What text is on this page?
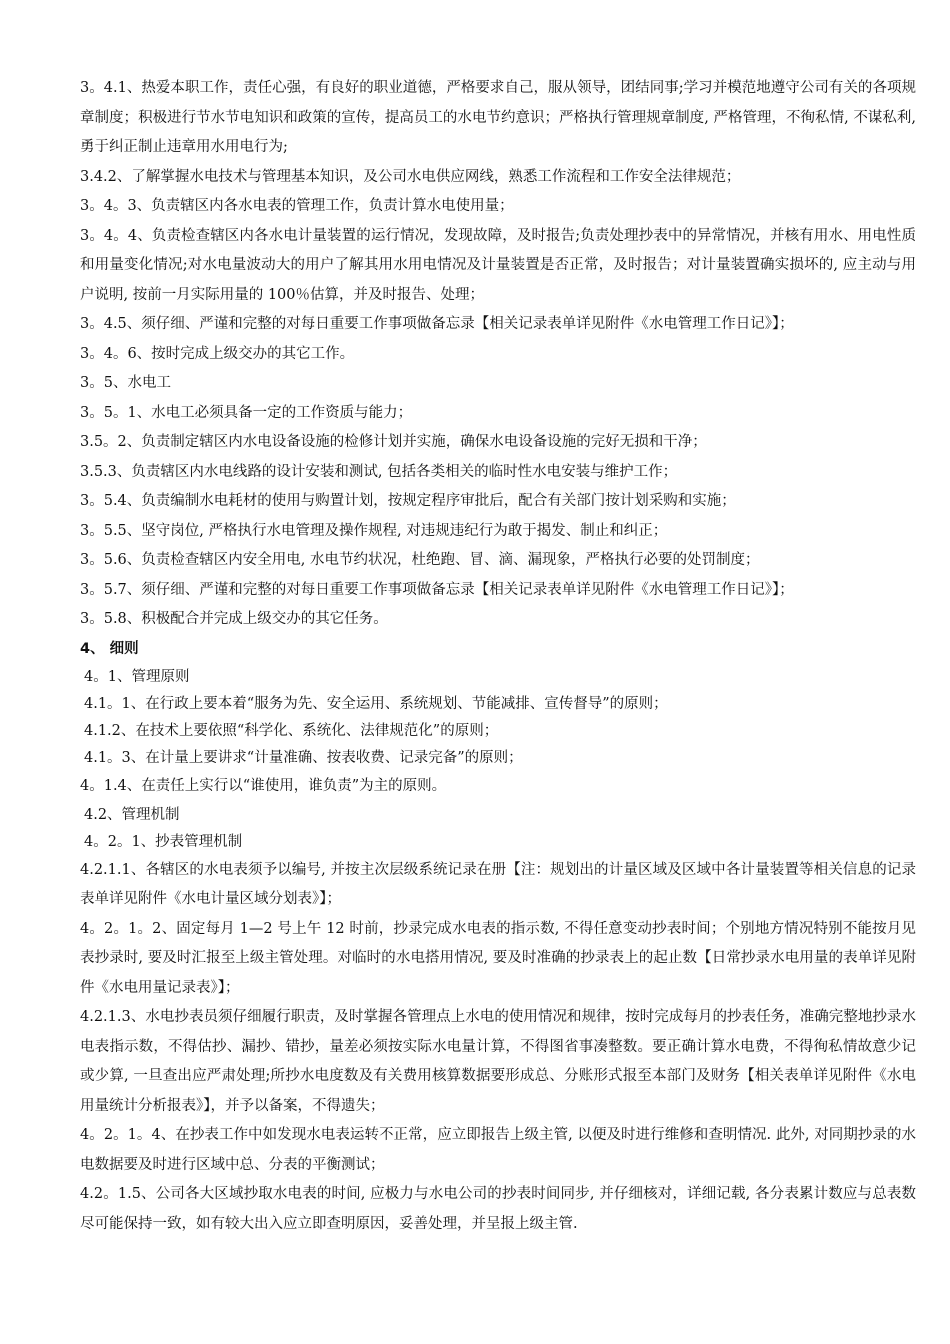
3。4.1、热爱本职工作，责任心强，有良好的职业道德，严格要求自己，服从领导，团结同事;学习并模范地遵守公司有关的各项规章制度；积极进行节水节电知识和政策的宣传，提高员工的水电节约意识；严格执行管理规章制度, 严格管理，不徇私情, 不谋私利, 勇于纠正制止违章用水用电行为;

3.4.2、了解掌握水电技术与管理基本知识，及公司水电供应网线，熟悉工作流程和工作安全法律规范；

3。4。3、负责辖区内各水电表的管理工作，负责计算水电使用量；

3。4。4、负责检查辖区内各水电计量装置的运行情况，发现故障，及时报告;负责处理抄表中的异常情况，并核有用水、用电性质和用量变化情况;对水电量波动大的用户了解其用水用电情况及计量装置是否正常，及时报告；对计量装置确实损坏的, 应主动与用户说明, 按前一月实际用量的 100％估算，并及时报告、处理；

3。4.5、须仔细、严谨和完整的对每日重要工作事项做备忘录【相关记录表单详见附件《水电管理工作日记》】；

3。4。6、按时完成上级交办的其它工作。

3。5、水电工

3。5。1、水电工必须具备一定的工作资质与能力；

3.5。2、负责制定辖区内水电设备设施的检修计划并实施，确保水电设备设施的完好无损和干净；

3.5.3、负责辖区内水电线路的设计安装和测试, 包括各类相关的临时性水电安装与维护工作；

3。5.4、负责编制水电耗材的使用与购置计划，按规定程序审批后，配合有关部门按计划采购和实施；

3。5.5、坚守岗位, 严格执行水电管理及操作规程, 对违规违纪行为敢于揭发、制止和纠正；

3。5.6、负责检查辖区内安全用电, 水电节约状况，杜绝跑、冒、滴、漏现象，严格执行必要的处罚制度；

3。5.7、须仔细、严谨和完整的对每日重要工作事项做备忘录【相关记录表单详见附件《水电管理工作日记》】；

3。5.8、积极配合并完成上级交办的其它任务。

4、 细则

4。1、管理原则

4.1。1、在行政上要本着“服务为先、安全运用、系统规划、节能减排、宣传督导”的原则；

4.1.2、在技术上要依照“科学化、系统化、法律规范化”的原则；

4.1。3、在计量上要讲求“计量准确、按表收费、记录完备”的原则；

4。1.4、在责任上实行以“谁使用，谁负责”为主的原则。

4.2、管理机制

4。2。1、抄表管理机制

4.2.1.1、各辖区的水电表须予以编号, 并按主次层级系统记录在册【注：规划出的计量区域及区域中各计量装置等相关信息的记录表单详见附件《水电计量区域分划表》】；

4。2。1。2、固定每月 1—2 号上午 12 时前，抄录完成水电表的指示数, 不得任意变动抄表时间；个别地方情况特别不能按月见表抄录时, 要及时汇报至上级主管处理。对临时的水电搭用情况, 要及时准确的抄录表上的起止数【日常抄录水电用量的表单详见附件《水电用量记录表》】；

4.2.1.3、水电抄表员须仔细履行职责，及时掌握各管理点上水电的使用情况和规律，按时完成每月的抄表任务，准确完整地抄录水电表指示数，不得估抄、漏抄、错抄，量差必须按实际水电量计算，不得图省事凑整数。要正确计算水电费，不得徇私情故意少记或少算, 一旦查出应严肃处理;所抄水电度数及有关费用核算数据要形成总、分账形式报至本部门及财务【相关表单详见附件《水电用量统计分析报表》】，并予以备案，不得遗失；

4。2。1。4、在抄表工作中如发现水电表运转不正常，应立即报告上级主管, 以便及时进行维修和查明情况. 此外, 对同期抄录的水电数据要及时进行区域中总、分表的平衡测试；

4.2。1.5、公司各大区域抄取水电表的时间, 应极力与水电公司的抄表时间同步, 并仔细核对，详细记载, 各分表累计数应与总表数尽可能保持一致，如有较大出入应立即查明原因，妥善处理，并呈报上级主管.
